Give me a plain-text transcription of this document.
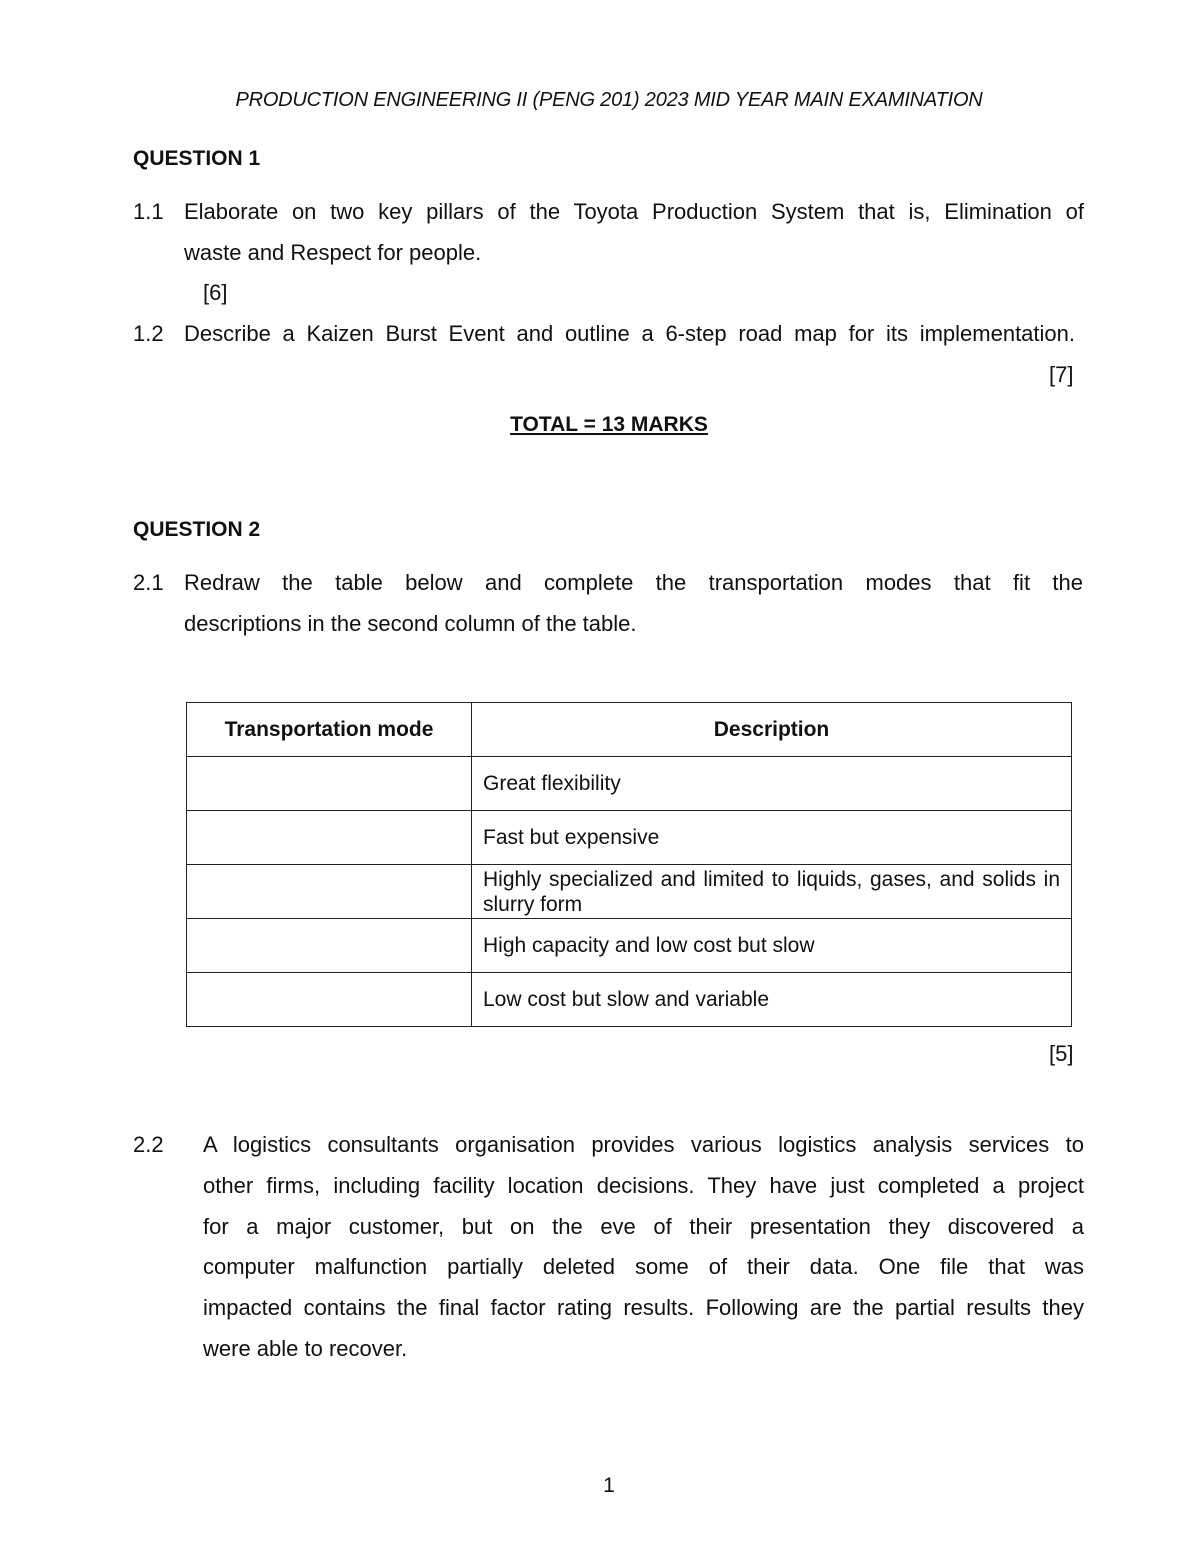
PRODUCTION ENGINEERING II (PENG 201) 2023 MID YEAR MAIN EXAMINATION
QUESTION 1
1.1 Elaborate on two key pillars of the Toyota Production System that is, Elimination of
waste and Respect for people.
[6]
1.2 Describe a Kaizen Burst Event and outline a 6-step road map for its implementation.
[7]
TOTAL = 13 MARKS
QUESTION 2
2.1 Redraw the table below and complete the transportation modes that fit the
descriptions in the second column of the table.
Transportation mode	Description
	Great flexibility
	Fast but expensive
	Highly specialized and limited to liquids, gases, and solids in slurry form
	High capacity and low cost but slow
	Low cost but slow and variable
[5]
2.2	A logistics consultants organisation provides various logistics analysis services to
other firms, including facility location decisions. They have just completed a project
for a major customer, but on the eve of their presentation they discovered a
computer malfunction partially deleted some of their data. One file that was
impacted contains the final factor rating results. Following are the partial results they
were able to recover.
1
